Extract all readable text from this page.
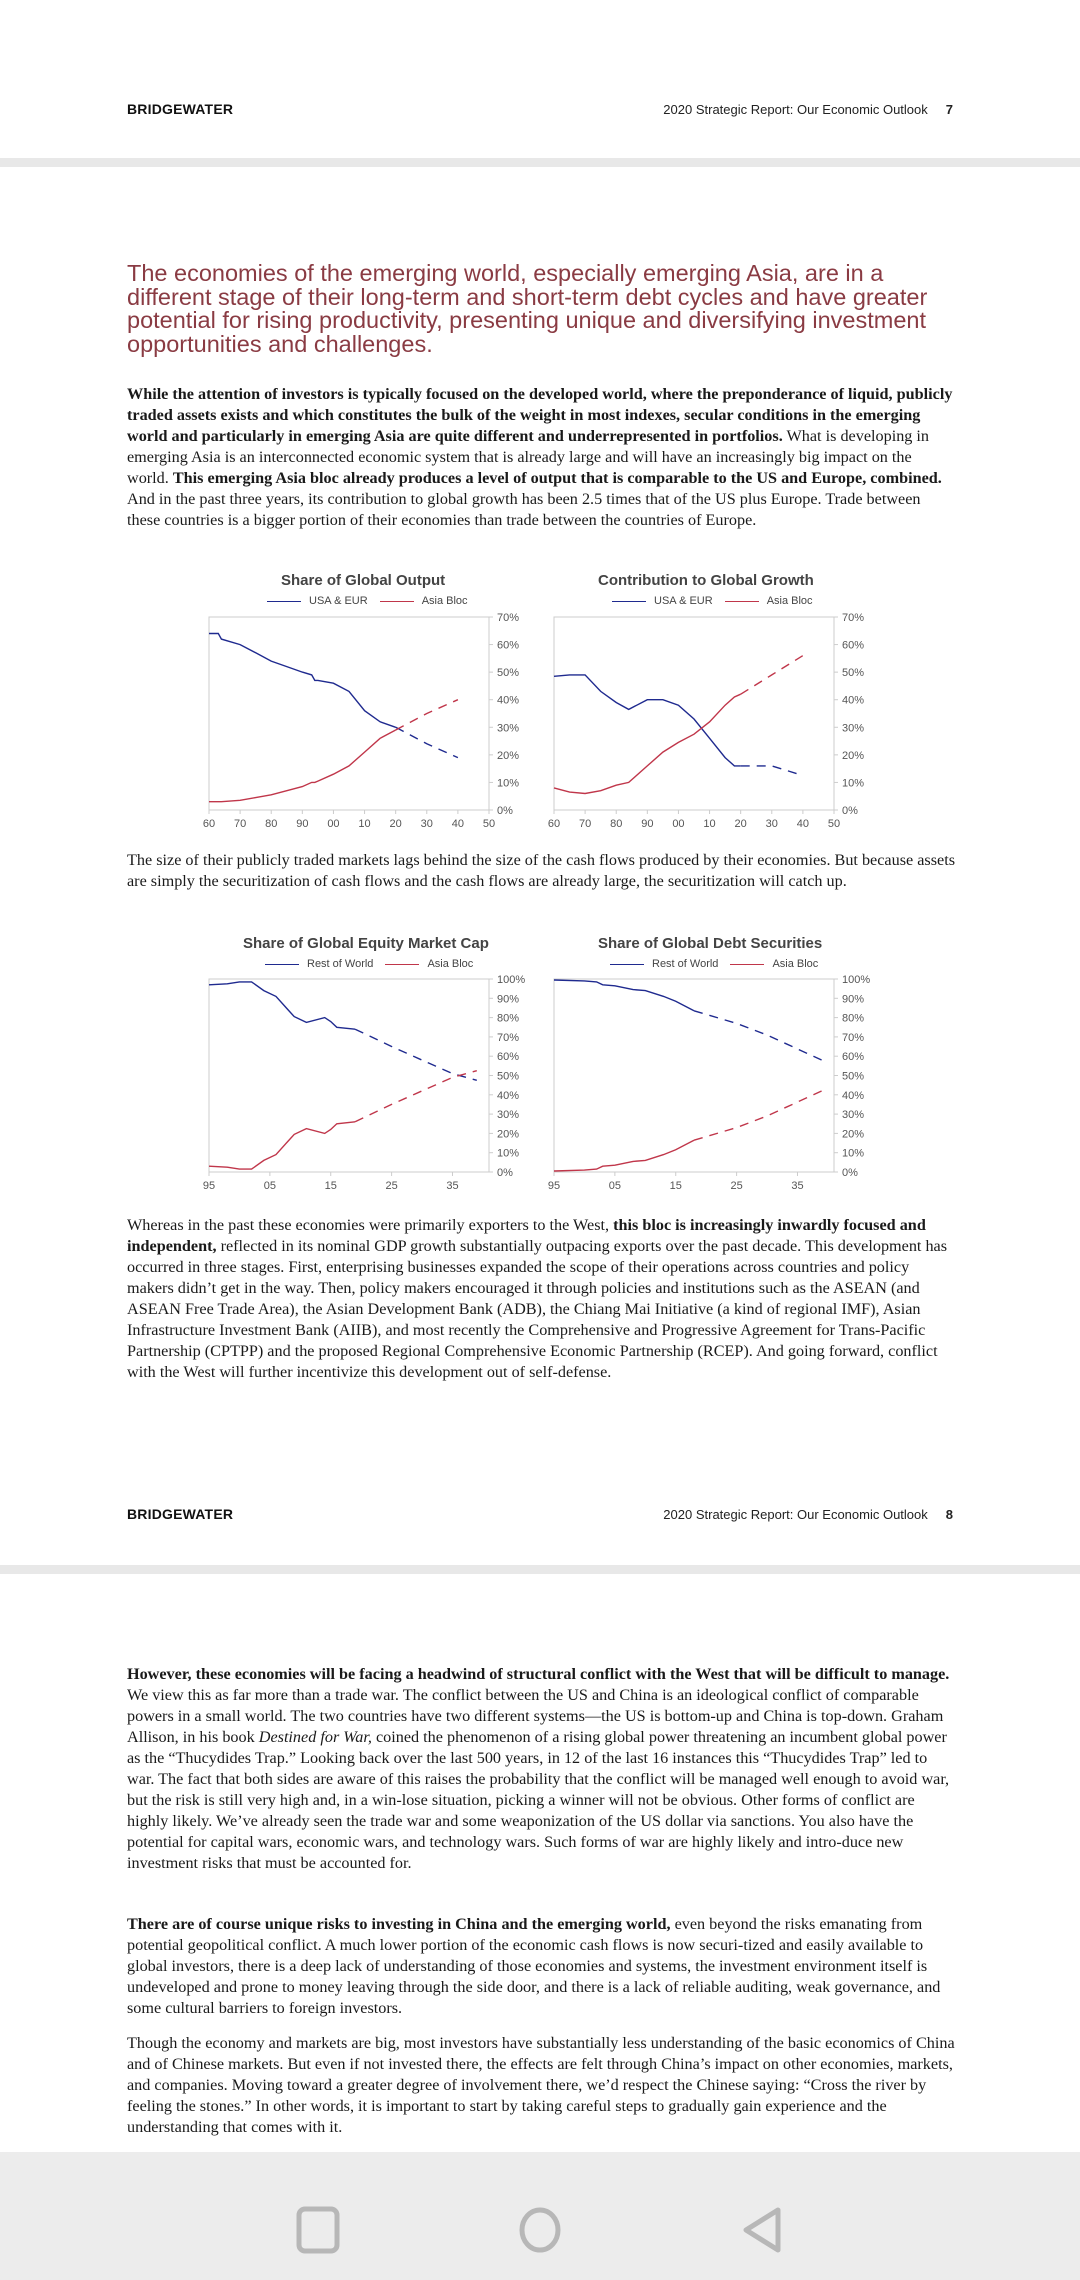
BRIDGEWATER	2020 Strategic Report: Our Economic Outlook 7
The economies of the emerging world, especially emerging Asia, are in a different stage of their long-term and short-term debt cycles and have greater potential for rising productivity, presenting unique and diversifying investment opportunities and challenges.
While the attention of investors is typically focused on the developed world, where the preponderance of liquid, publicly traded assets exists and which constitutes the bulk of the weight in most indexes, secular conditions in the emerging world and particularly in emerging Asia are quite different and underrepresented in portfolios. What is developing in emerging Asia is an interconnected economic system that is already large and will have an increasingly big impact on the world. This emerging Asia bloc already produces a level of output that is comparable to the US and Europe, combined. And in the past three years, its contribution to global growth has been 2.5 times that of the US plus Europe. Trade between these countries is a bigger portion of their economies than trade between the countries of Europe.
Share of Global Output
USA & EUR	Asia Bloc
0%
10%
20%
30%
40%
50%
60%
70%
60 70 80 90 00 10 20 30 40 50
Contribution to Global Growth
USA & EUR	Asia Bloc
0%
10%
20%
30%
40%
50%
60%
70%
60 70 80 90 00 10 20 30 40 50
The size of their publicly traded markets lags behind the size of the cash flows produced by their economies. But because assets are simply the securitization of cash flows and the cash flows are already large, the securitization will catch up.
Share of Global Equity Market Cap
Rest of World	Asia Bloc
0%
10%
20%
30%
40%
50%
60%
70%
80%
90%
100%
95	05	15	25	35
Share of Global Debt Securities
Rest of World	Asia Bloc
0%
10%
20%
30%
40%
50%
60%
70%
80%
90%
100%
95	05	15	25	35
Whereas in the past these economies were primarily exporters to the West, this bloc is increasingly inwardly focused and independent, reflected in its nominal GDP growth substantially outpacing exports over the past decade. This development has occurred in three stages. First, enterprising businesses expanded the scope of their operations across countries and policy makers didn’t get in the way. Then, policy makers encouraged it through policies and institutions such as the ASEAN (and ASEAN Free Trade Area), the Asian Development Bank (ADB), the Chiang Mai Initiative (a kind of regional IMF), Asian Infrastructure Investment Bank (AIIB), and most recently the Comprehensive and Progressive Agreement for Trans-Pacific Partnership (CPTPP) and the proposed Regional Comprehensive Economic Partnership (RCEP). And going forward, conflict with the West will further incentivize this development out of self-defense.
BRIDGEWATER	2020 Strategic Report: Our Economic Outlook 8
However, these economies will be facing a headwind of structural conflict with the West that will be difficult to manage. We view this as far more than a trade war. The conflict between the US and China is an ideological conflict of comparable powers in a small world. The two countries have two different systems—the US is bottom-up and China is top-down. Graham Allison, in his book Destined for War, coined the phenomenon of a rising global power threatening an incumbent global power as the “Thucydides Trap.” Looking back over the last 500 years, in 12 of the last 16 instances this “Thucydides Trap” led to war. The fact that both sides are aware of this raises the probability that the conflict will be managed well enough to avoid war, but the risk is still very high and, in a win-lose situation, picking a winner will not be obvious. Other forms of conflict are highly likely. We’ve already seen the trade war and some weaponization of the US dollar via sanctions. You also have the potential for capital wars, economic wars, and technology wars. Such forms of war are highly likely and intro-duce new investment risks that must be accounted for.
There are of course unique risks to investing in China and the emerging world, even beyond the risks emanating from potential geopolitical conflict. A much lower portion of the economic cash flows is now securi-tized and easily available to global investors, there is a deep lack of understanding of those economies and systems, the investment environment itself is undeveloped and prone to money leaving through the side door, and there is a lack of reliable auditing, weak governance, and some cultural barriers to foreign investors.
Though the economy and markets are big, most investors have substantially less understanding of the basic economics of China and of Chinese markets. But even if not invested there, the effects are felt through China’s impact on other economies, markets, and companies. Moving toward a greater degree of involvement there, we’d respect the Chinese saying: “Cross the river by feeling the stones.” In other words, it is important to start by taking careful steps to gradually gain experience and the understanding that comes with it.
